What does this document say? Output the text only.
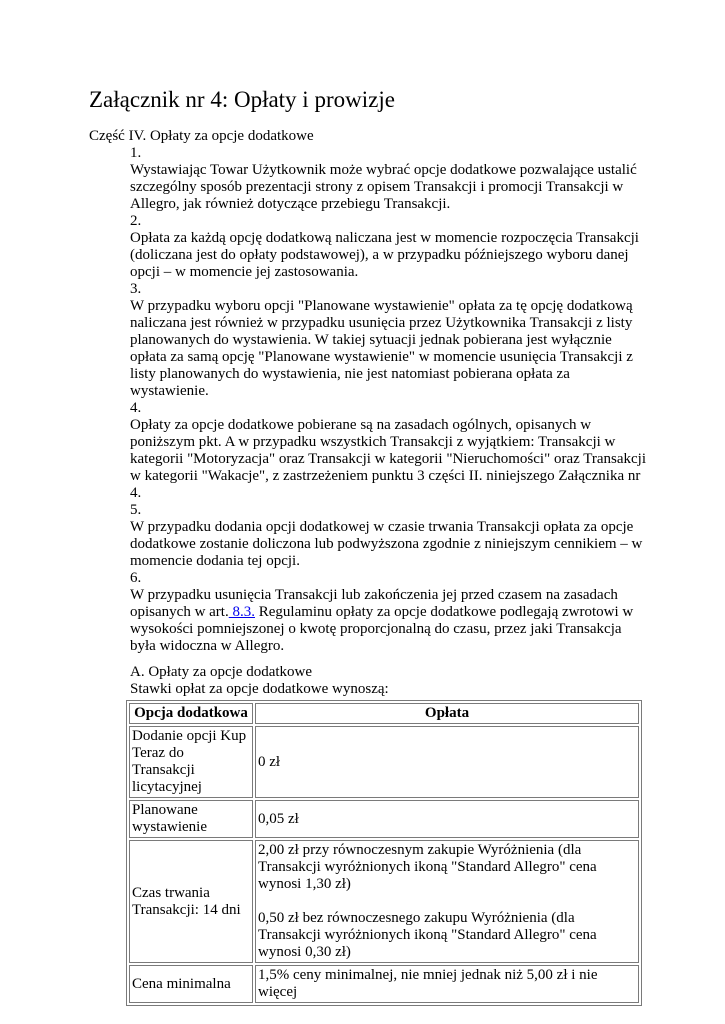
Załącznik nr 4: Opłaty i prowizje
Część IV. Opłaty za opcje dodatkowe
1.
Wystawiając Towar Użytkownik może wybrać opcje dodatkowe pozwalające ustalić szczególny sposób prezentacji strony z opisem Transakcji i promocji Transakcji w Allegro, jak również dotyczące przebiegu Transakcji.
2.
Opłata za każdą opcję dodatkową naliczana jest w momencie rozpoczęcia Transakcji (doliczana jest do opłaty podstawowej), a w przypadku późniejszego wyboru danej opcji – w momencie jej zastosowania.
3.
W przypadku wyboru opcji "Planowane wystawienie" opłata za tę opcję dodatkową naliczana jest również w przypadku usunięcia przez Użytkownika Transakcji z listy planowanych do wystawienia. W takiej sytuacji jednak pobierana jest wyłącznie opłata za samą opcję "Planowane wystawienie" w momencie usunięcia Transakcji z listy planowanych do wystawienia, nie jest natomiast pobierana opłata za wystawienie.
4.
Opłaty za opcje dodatkowe pobierane są na zasadach ogólnych, opisanych w poniższym pkt. A w przypadku wszystkich Transakcji z wyjątkiem: Transakcji w kategorii "Motoryzacja" oraz Transakcji w kategorii "Nieruchomości" oraz Transakcji w kategorii "Wakacje", z zastrzeżeniem punktu 3 części II. niniejszego Załącznika nr 4.
5.
W przypadku dodania opcji dodatkowej w czasie trwania Transakcji opłata za opcje dodatkowe zostanie doliczona lub podwyższona zgodnie z niniejszym cennikiem – w momencie dodania tej opcji.
6.
W przypadku usunięcia Transakcji lub zakończenia jej przed czasem na zasadach opisanych w art. 8.3. Regulaminu opłaty za opcje dodatkowe podlegają zwrotowi w wysokości pomniejszonej o kwotę proporcjonalną do czasu, przez jaki Transakcja była widoczna w Allegro.
A. Opłaty za opcje dodatkowe
Stawki opłat za opcje dodatkowe wynoszą:
Opcja dodatkowa	Opłata
Dodanie opcji Kup Teraz do Transakcji licytacyjnej	0 zł
Planowane wystawienie	0,05 zł
Czas trwania Transakcji: 14 dni	2,00 zł przy równoczesnym zakupie Wyróżnienia (dla Transakcji wyróżnionych ikoną "Standard Allegro" cena wynosi 1,30 zł)
0,50 zł bez równoczesnego zakupu Wyróżnienia (dla Transakcji wyróżnionych ikoną "Standard Allegro" cena wynosi 0,30 zł)

Cena minimalna	1,5% ceny minimalnej, nie mniej jednak niż 5,00 zł i nie więcej
